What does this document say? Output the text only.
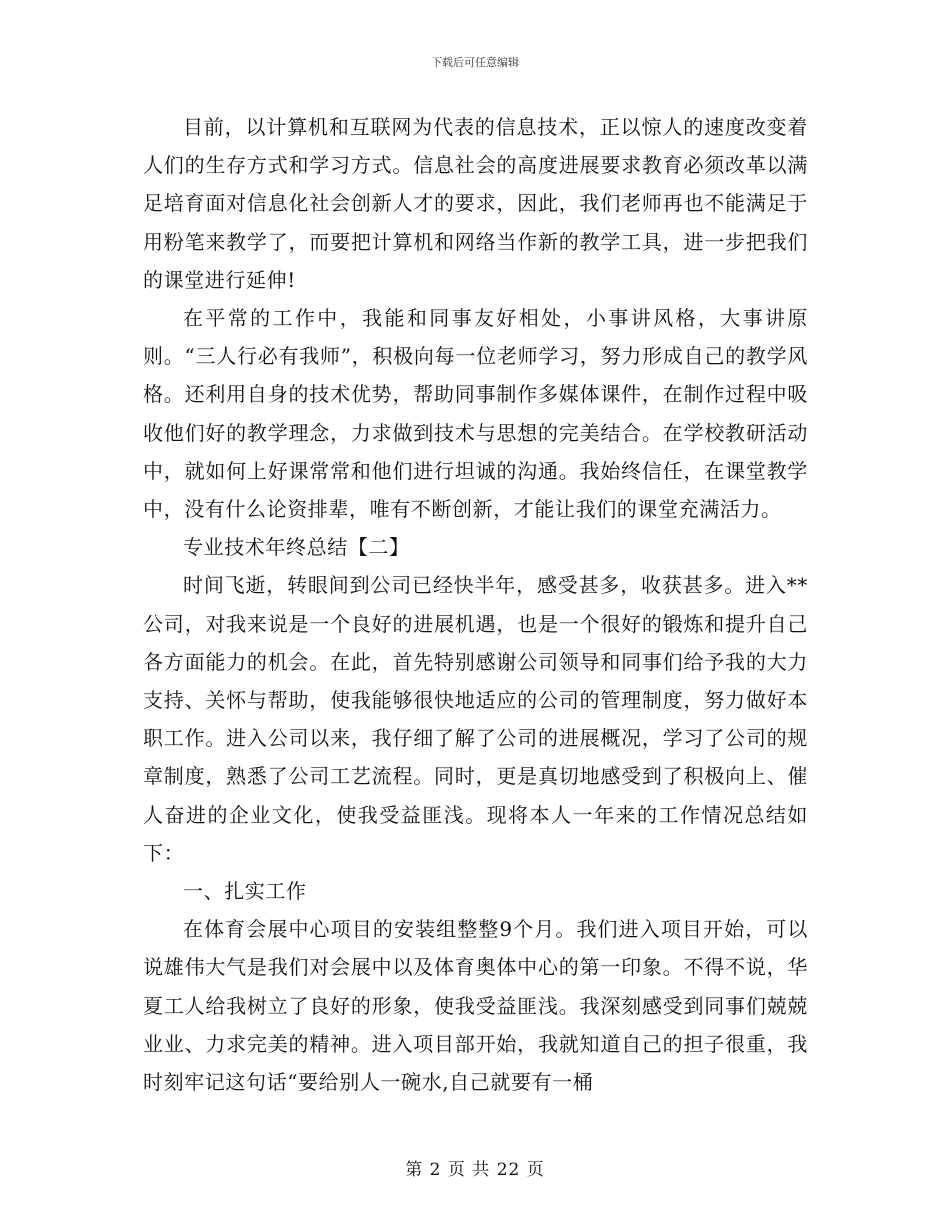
下载后可任意编辑

目前，以计算机和互联网为代表的信息技术，正以惊人的速度改变着人们的生存方式和学习方式。信息社会的高度进展要求教育必须改革以满足培育面对信息化社会创新人才的要求，因此，我们老师再也不能满足于用粉笔来教学了，而要把计算机和网络当作新的教学工具，进一步把我们的课堂进行延伸!

在平常的工作中，我能和同事友好相处，小事讲风格，大事讲原则。“三人行必有我师”，积极向每一位老师学习，努力形成自己的教学风格。还利用自身的技术优势，帮助同事制作多媒体课件，在制作过程中吸收他们好的教学理念，力求做到技术与思想的完美结合。在学校教研活动中，就如何上好课常常和他们进行坦诚的沟通。我始终信任，在课堂教学中，没有什么论资排辈，唯有不断创新，才能让我们的课堂充满活力。

专业技术年终总结【二】

时间飞逝，转眼间到公司已经快半年，感受甚多，收获甚多。进入**公司，对我来说是一个良好的进展机遇，也是一个很好的锻炼和提升自己各方面能力的机会。在此，首先特别感谢公司领导和同事们给予我的大力支持、关怀与帮助，使我能够很快地适应的公司的管理制度，努力做好本职工作。进入公司以来，我仔细了解了公司的进展概况，学习了公司的规章制度，熟悉了公司工艺流程。同时，更是真切地感受到了积极向上、催人奋进的企业文化，使我受益匪浅。现将本人一年来的工作情况总结如下：

一、扎实工作

在体育会展中心项目的安装组整整9个月。我们进入项目开始，可以说雄伟大气是我们对会展中以及体育奥体中心的第一印象。不得不说，华夏工人给我树立了良好的形象，使我受益匪浅。我深刻感受到同事们兢兢业业、力求完美的精神。进入项目部开始，我就知道自己的担子很重，我时刻牢记这句话“要给别人一碗水,自己就要有一桶

第 2 页 共 22 页
